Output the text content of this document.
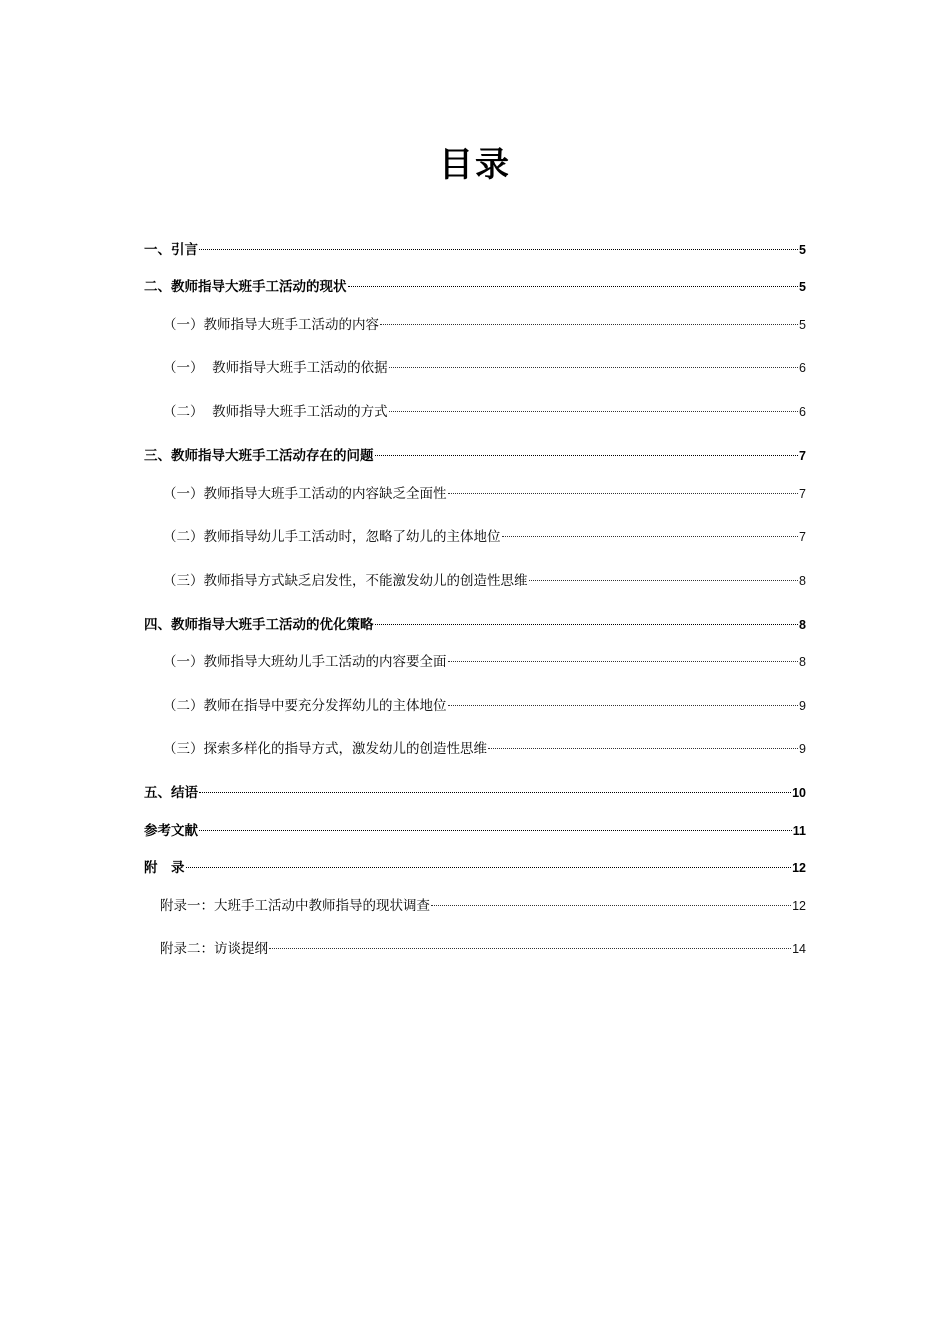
目录
一、引言	5
二、教师指导大班手工活动的现状	5
（一）教师指导大班手工活动的内容	5
（一）  教师指导大班手工活动的依据	6
（二）  教师指导大班手工活动的方式	6
三、教师指导大班手工活动存在的问题	7
（一）教师指导大班手工活动的内容缺乏全面性	7
（二）教师指导幼儿手工活动时，忽略了幼儿的主体地位	7
（三）教师指导方式缺乏启发性，不能激发幼儿的创造性思维	8
四、教师指导大班手工活动的优化策略	8
（一）教师指导大班幼儿手工活动的内容要全面	8
（二）教师在指导中要充分发挥幼儿的主体地位	9
（三）探索多样化的指导方式，激发幼儿的创造性思维	9
五、结语	10
参考文献	11
附　录	12
附录一：大班手工活动中教师指导的现状调查	12
附录二：访谈提纲	14
